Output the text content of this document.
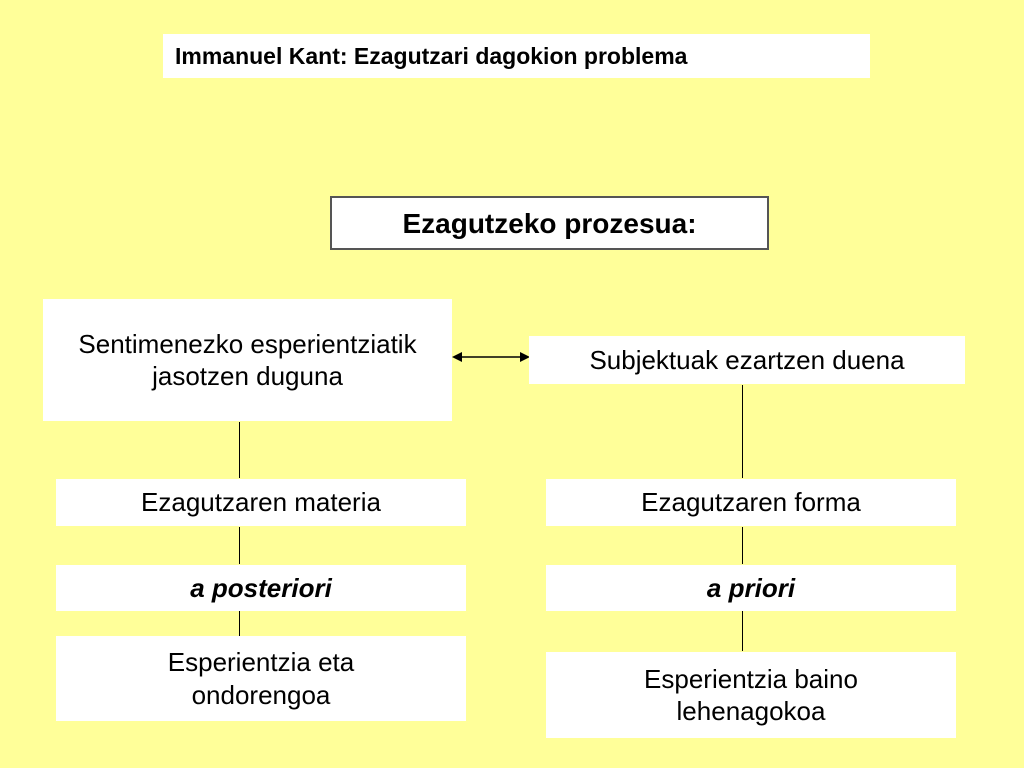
Immanuel Kant: Ezagutzari dagokion problema
Ezagutzeko prozesua:
Sentimenezko esperientziatik jasotzen duguna
Ezagutzaren materia
a posteriori
Esperientzia eta ondorengoa
Subjektuak ezartzen duena
Ezagutzaren forma
a priori
Esperientzia baino lehenagokoa
